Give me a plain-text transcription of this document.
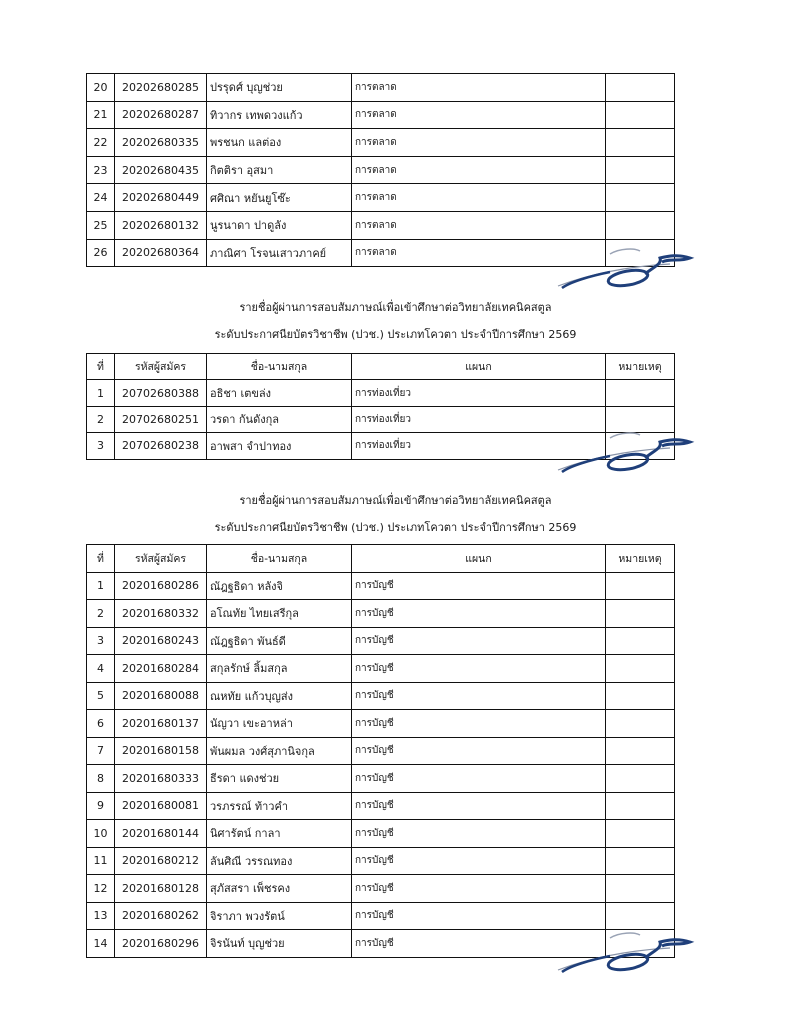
20	20202680285	ปรรุดศ์ บุญช่วย	การตลาด	
21	20202680287	ทิวากร เทพดวงแก้ว	การตลาด	
22	20202680335	พรชนก แลต่อง	การตลาด	
23	20202680435	กิตติรา อุสมา	การตลาด	
24	20202680449	ศศิณา หยันยูโซ๊ะ	การตลาด	
25	20202680132	นูรนาดา ปาดูลัง	การตลาด	
26	20202680364	ภาณิศา โรจนเสาวภาคย์	การตลาด	
รายชื่อผู้ผ่านการสอบสัมภาษณ์เพื่อเข้าศึกษาต่อวิทยาลัยเทคนิคสตูล
ระดับประกาศนียบัตรวิชาชีพ (ปวช.) ประเภทโควตา ประจำปีการศึกษา 2569
ที่	รหัสผู้สมัคร	ชื่อ-นามสกุล	แผนก	หมายเหตุ
1	20702680388	อธิชา เตขล่ง	การท่องเที่ยว	
2	20702680251	วรดา กันดังกุล	การท่องเที่ยว	
3	20702680238	อาพสา จำปาทอง	การท่องเที่ยว	
รายชื่อผู้ผ่านการสอบสัมภาษณ์เพื่อเข้าศึกษาต่อวิทยาลัยเทคนิคสตูล
ระดับประกาศนียบัตรวิชาชีพ (ปวช.) ประเภทโควตา ประจำปีการศึกษา 2569
ที่	รหัสผู้สมัคร	ชื่อ-นามสกุล	แผนก	หมายเหตุ
1	20201680286	ณัฎฐธิดา หลังจิ	การบัญชี	
2	20201680332	อโณทัย ไทยเสรีกุล	การบัญชี	
3	20201680243	ณัฎฐธิดา พันธ์ดี	การบัญชี	
4	20201680284	สกุลรักษ์ ลิ้มสกุล	การบัญชี	
5	20201680088	ณหทัย แก้วบุญส่ง	การบัญชี	
6	20201680137	นัญวา เขะอาหล่า	การบัญชี	
7	20201680158	พันผมล วงศ์สุภานิจกุล	การบัญชี	
8	20201680333	ธีรดา แดงช่วย	การบัญชี	
9	20201680081	วรภรรณ์ ท้าวคำ	การบัญชี	
10	20201680144	นิศารัตน์ กาลา	การบัญชี	
11	20201680212	ลันศิณี วรรณทอง	การบัญชี	
12	20201680128	สุภัสสรา เพ็ชรคง	การบัญชี	
13	20201680262	จิราภา พวงรัตน์	การบัญชี	
14	20201680296	จิรนันท์ บุญช่วย	การบัญชี	
